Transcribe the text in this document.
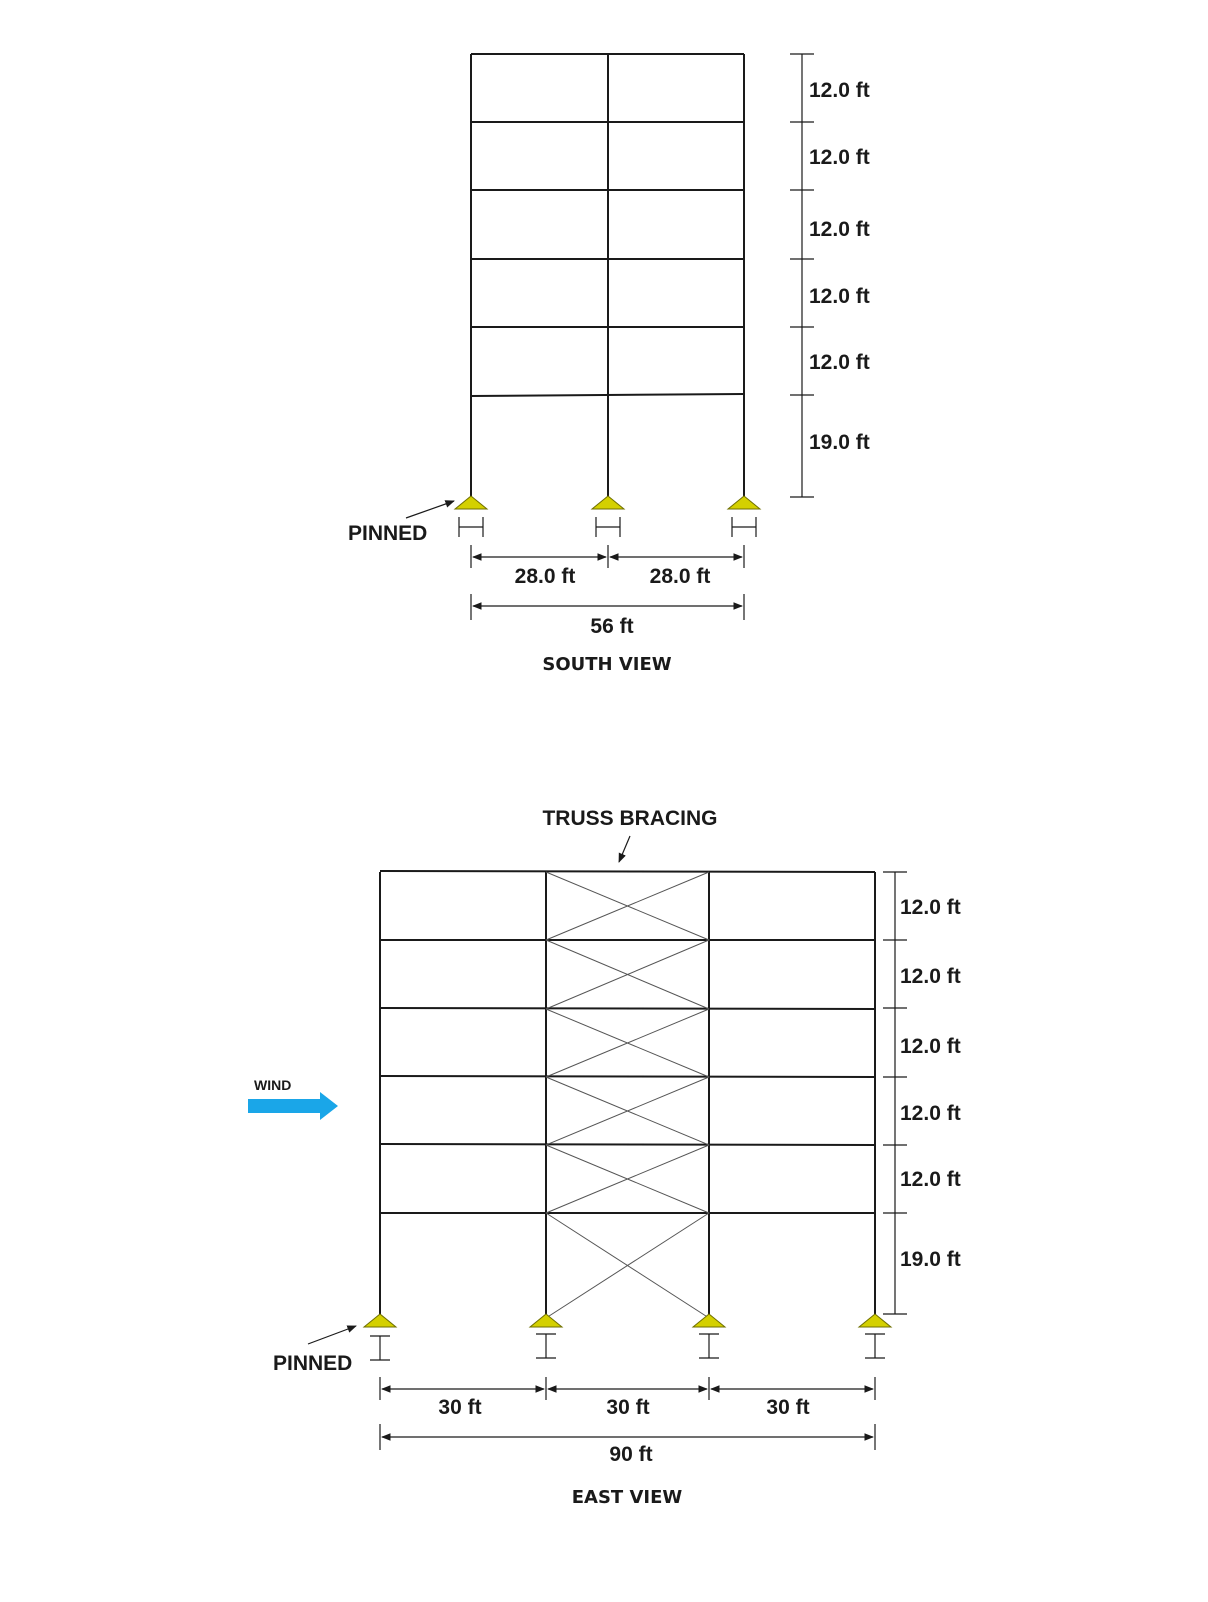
PINNED
12.0 ft
12.0 ft
12.0 ft
12.0 ft
12.0 ft
19.0 ft
28.0 ft	28.0 ft
56 ft
SOUTH VIEW
TRUSS BRACING
WIND
PINNED
12.0 ft
12.0 ft
12.0 ft
12.0 ft
12.0 ft
19.0 ft
30 ft	30 ft	30 ft
90 ft
EAST VIEW
